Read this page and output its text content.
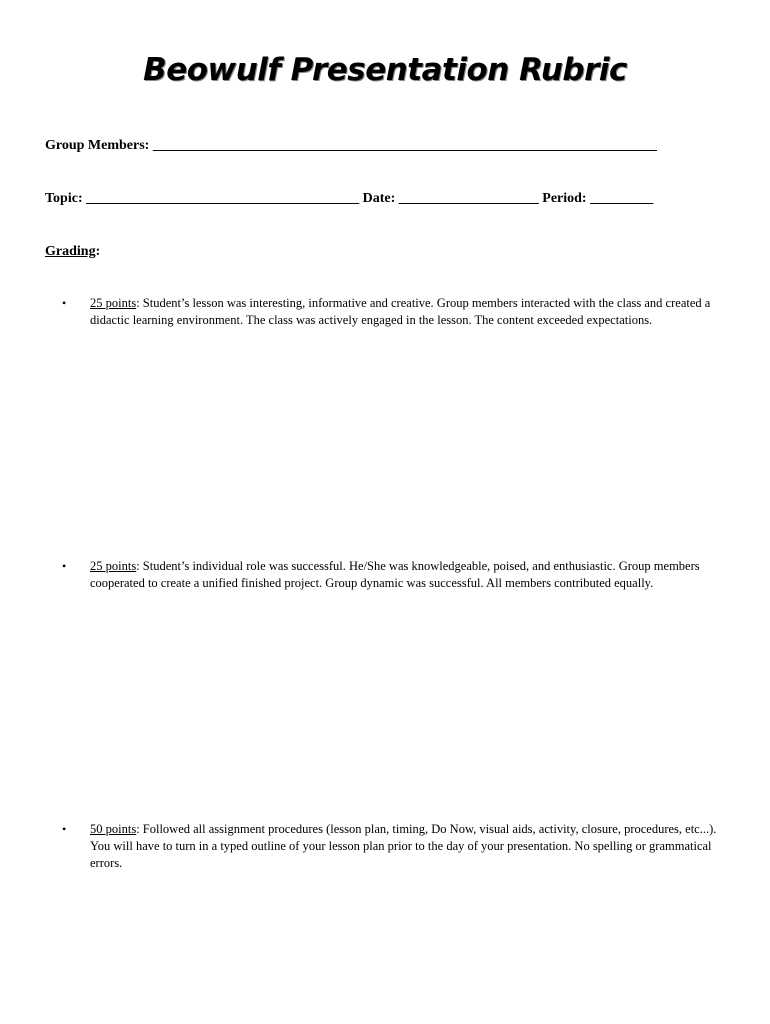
Beowulf Presentation Rubric
Group Members: ________________________________________________________________________
Topic: _______________________________________ Date: ____________________ Period: _________
Grading:
• 25 points: Student’s lesson was interesting, informative and creative. Group members interacted with the class and created a didactic learning environment. The class was actively engaged in the lesson. The content exceeded expectations.
• 25 points: Student’s individual role was successful. He/She was knowledgeable, poised, and enthusiastic. Group members cooperated to create a unified finished project. Group dynamic was successful. All members contributed equally.
• 50 points: Followed all assignment procedures (lesson plan, timing, Do Now, visual aids, activity, closure, procedures, etc...). You will have to turn in a typed outline of your lesson plan prior to the day of your presentation. No spelling or grammatical errors.
